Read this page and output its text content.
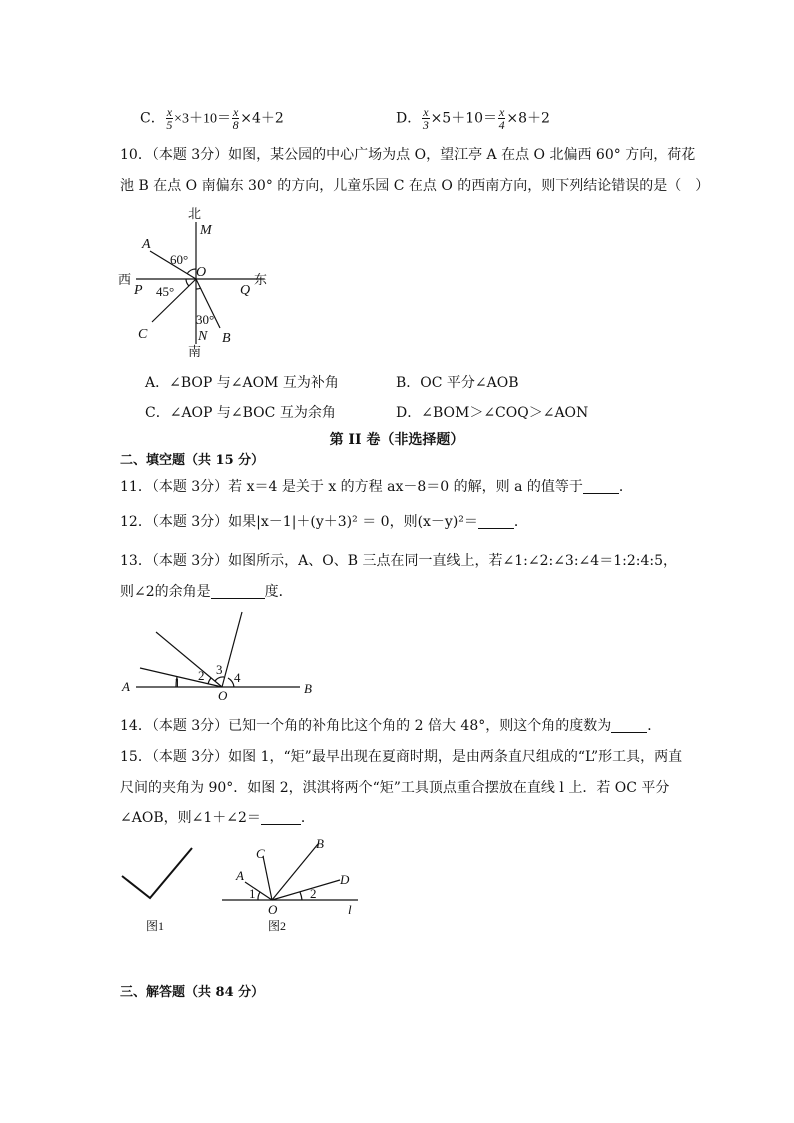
C． $\frac{x}{5} \times 3+10= \frac{x}{8} \times 4+2$	D． $\frac{x}{3} \times 5+10= \frac{x}{4} \times 8+2$
10．（本题 3分）如图，某公园的中心广场为点 O，望江亭 A 在点 O 北偏西 60° 方向，荷花
池 B 在点 O 南偏东 30° 的方向，儿童乐园 C 在点 O 的西南方向，则下列结论错误的是（　）
北
M
A
60°
O
西
P 45°	Q
东
30°
C	N B
南
A．∠BOP 与∠AOM 互为补角	B．OC 平分∠AOB
C．∠AOP 与∠BOC 互为余角	D．∠BOM＞∠COQ＞∠AON
第 II 卷（非选择题）
二、填空题（共 15 分）
11．（本题 3分）若 x＝4 是关于 x 的方程 ax－8＝0 的解，则 a 的值等于	．
12．（本题 3分）如果|x－1|＋(y＋3)² ＝ 0，则(x－y)²＝	．
13．（本题 3分）如图所示，A、O、B 三点在同一直线上，若∠1:∠2:∠3:∠4＝1:2:4:5，
则∠2的余角是	度．
A	1 2 3
4
O	B
14．（本题 3分）已知一个角的补角比这个角的 2 倍大 48°，则这个角的度数为	．
15．（本题 3分）如图 1，“矩”最早出现在夏商时期，是由两条直尺组成的“L”形工具，两直
尺间的夹角为 90°．如图 2，淇淇将两个“矩”工具顶点重合摆放在直线 l 上．若 OC 平分
∠AOB，则∠1＋∠2＝	．
A
C
B
D
1	2
O	l
图1	图2
三、解答题（共 84 分）
